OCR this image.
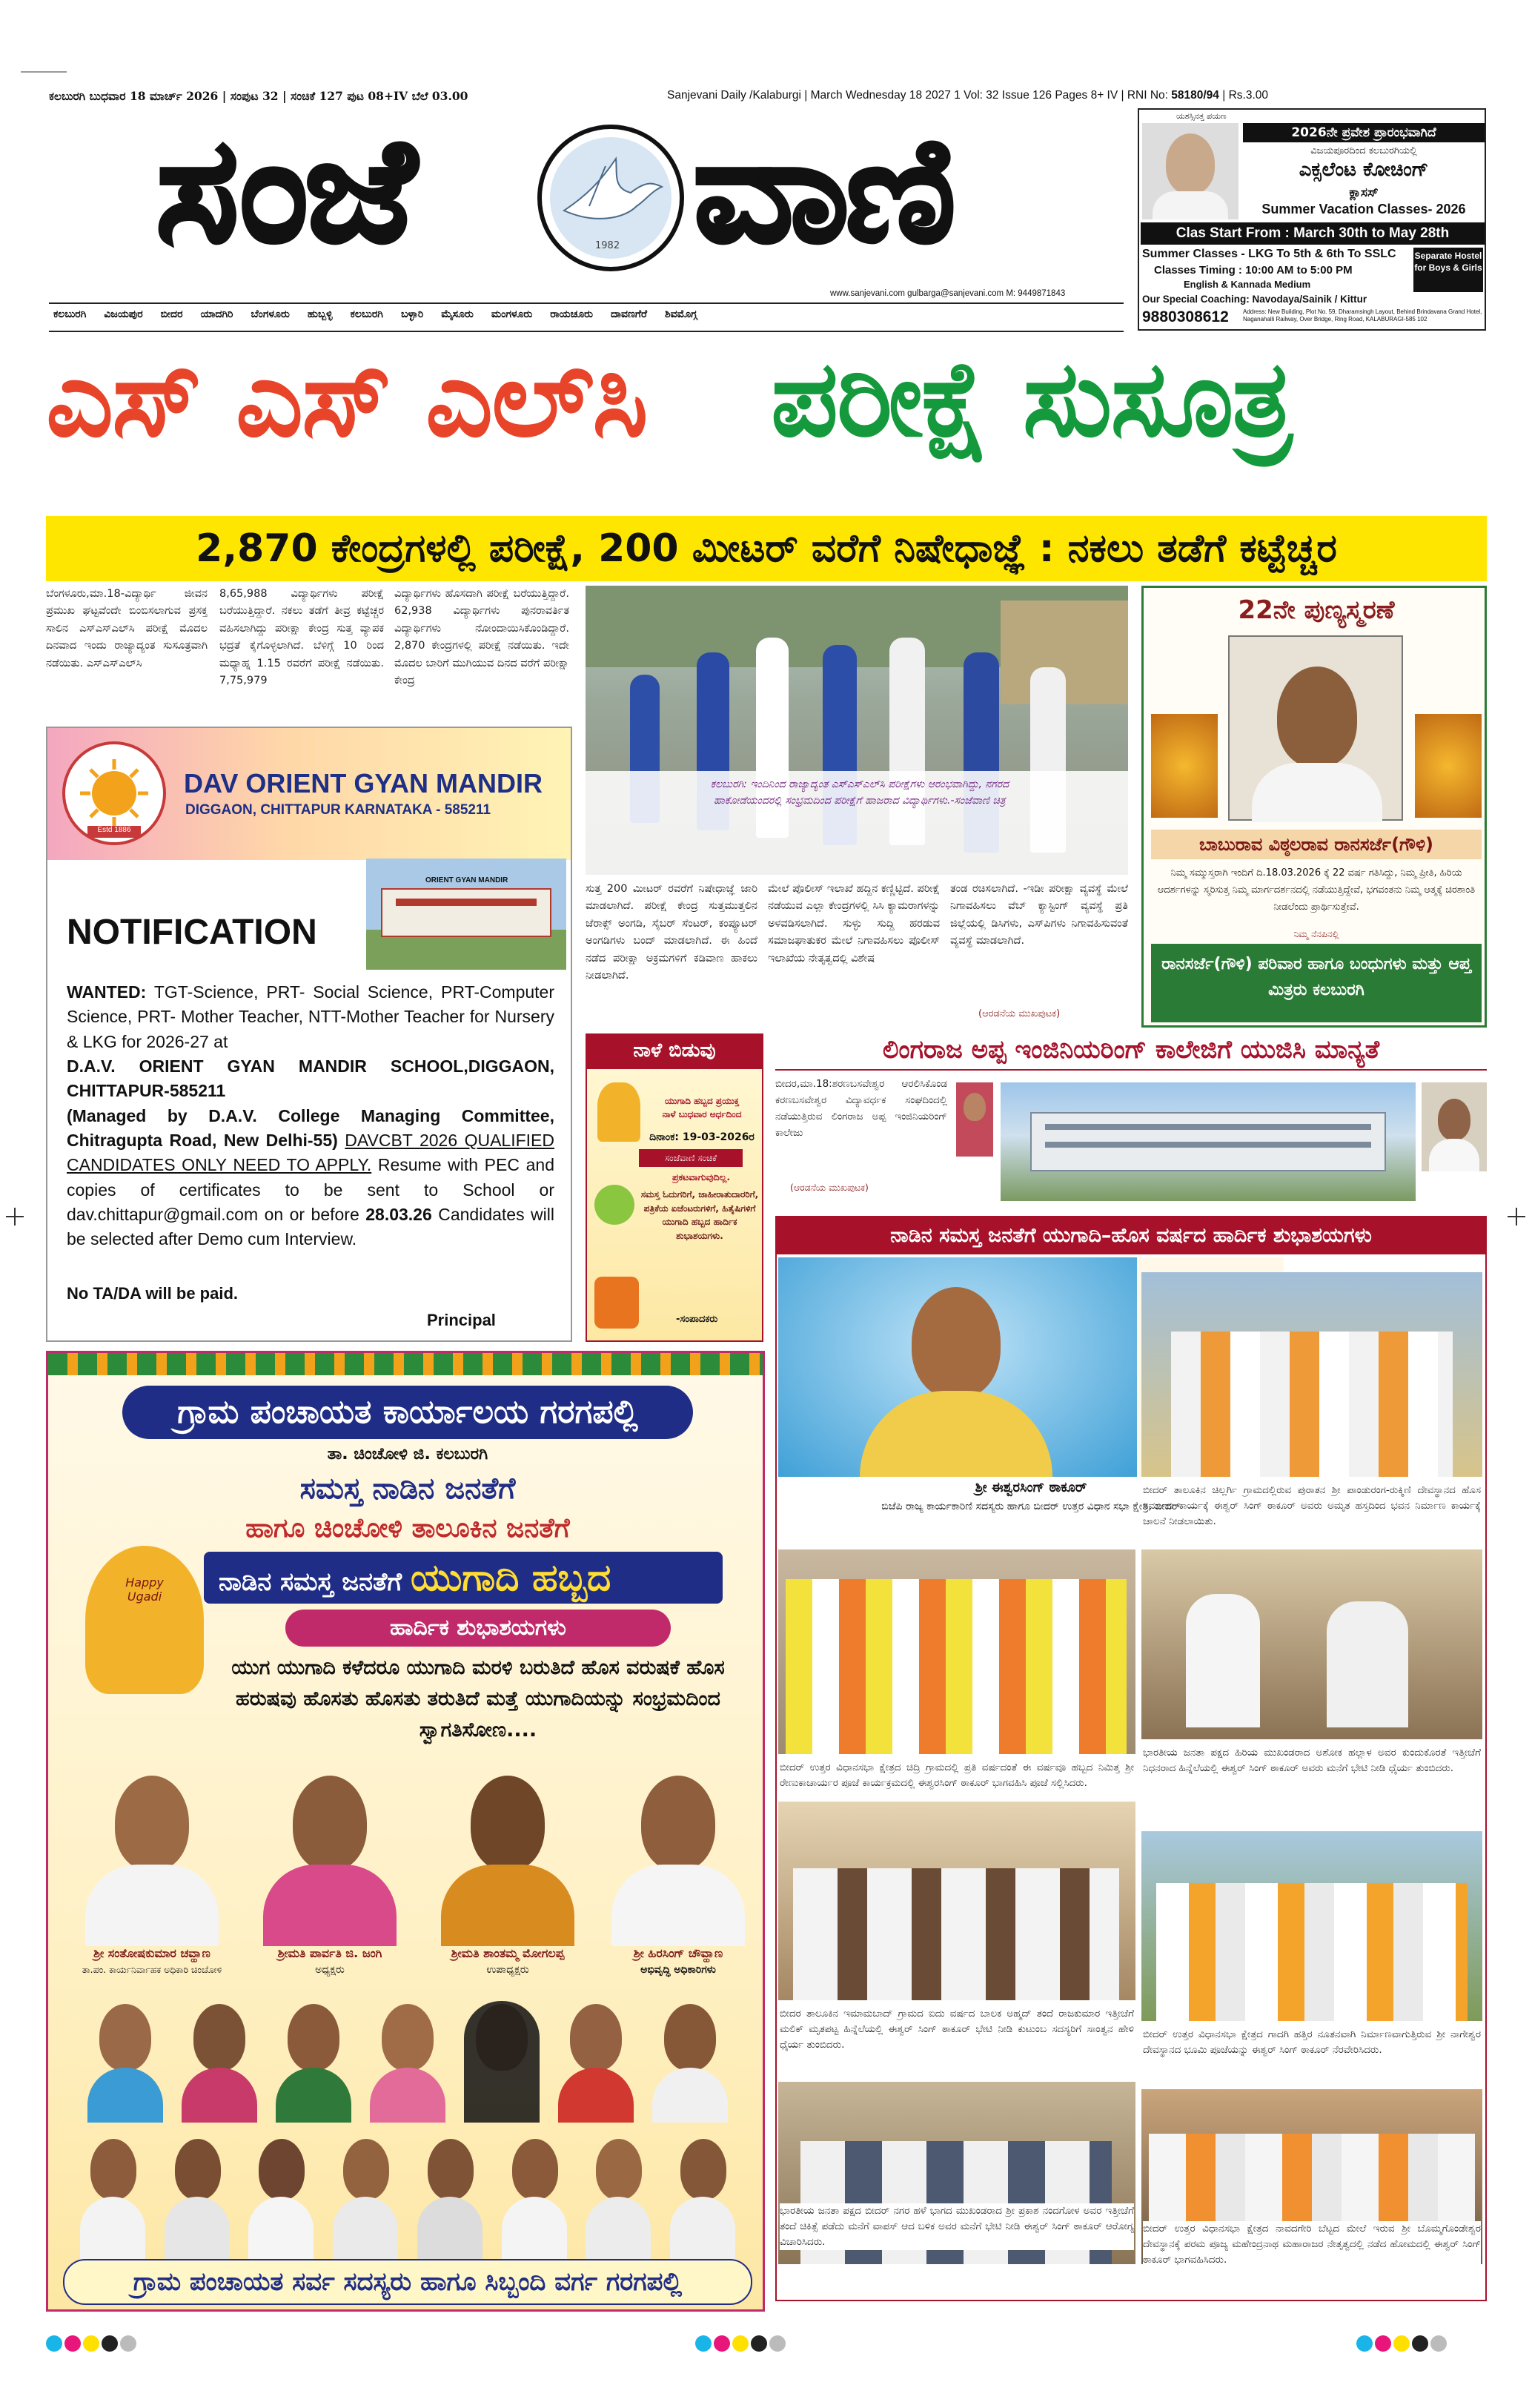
ಕಲಬುರಗಿ ಬುಧವಾರ 18 ಮಾರ್ಚ್ 2026 | ಸಂಪುಟ 32 | ಸಂಚಿಕೆ 127 ಪುಟ 08+IV ಬೆಲೆ 03.00	Sanjevani Daily /Kalaburgi | March Wednesday 18 2027 1 Vol: 32 Issue 126 Pages 8+ IV | RNI No: 58180/94 | Rs.3.00
ಸಂಜೆ	1982 ವಾಣಿ
www.sanjevani.com gulbarga@sanjevani.com M: 9449871843
ಕಲಬುರಗಿ ವಿಜಯಪುರ ಬೀದರ ಯಾದಗಿರಿ ಬೆಂಗಳೂರು ಹುಬ್ಬಳ್ಳಿ ಕಲಬುರಗಿ ಬಳ್ಳಾರಿ ಮೈಸೂರು ಮಂಗಳೂರು ರಾಯಚೂರು ದಾವಣಗೆರೆ ಶಿವಮೊಗ್ಗ
ಯಶಸ್ಸಿನತ್ತ ಪಯಣ
2026ನೇ ಪ್ರವೇಶ ಪ್ರಾರಂಭವಾಗಿದೆ
ವಿಜಯಪೂರದಿಂದ ಕಲಬುರಗಿಯಲ್ಲಿ
ಎಕ್ಸಲೆಂಟ ಕೋಚಿಂಗ್
ಕ್ಲಾಸಸ್
Summer Vacation Classes- 2026
Clas Start From : March 30th to May 28th
Summer Classes - LKG To 5th & 6th To SSLC
Classes Timing : 10:00 AM to 5:00 PM
English & Kannada Medium
Separate Hostel for Boys & Girls
Our Special Coaching: Navodaya/Sainik / Kittur
9880308612 Address: New Building, Plot No. 59, Dharamsingh Layout, Behind Brindavana Grand Hotel, Naganahalli Railway, Over Bridge, Ring Road, KALABURAGI-585 102
ಎಸ್ ಎಸ್ ಎಲ್‌ಸಿ ಪರೀಕ್ಷೆ ಸುಸೂತ್ರ
2,870 ಕೇಂದ್ರಗಳಲ್ಲಿ ಪರೀಕ್ಷೆ, 200 ಮೀಟರ್ ವರೆಗೆ ನಿಷೇಧಾಜ್ಞೆ : ನಕಲು ತಡೆಗೆ ಕಟ್ಟೆಚ್ಚರ
ಬೆಂಗಳೂರು,ಮಾ.18-ವಿದ್ಯಾರ್ಥಿ ಜೀವನ ಪ್ರಮುಖ ಘಟ್ಟವೆಂದೇ ಬಿಂಬಿಸಲಾಗುವ ಪ್ರಸಕ್ತ ಸಾಲಿನ ಎಸ್‌ಎಸ್‌ಎಲ್‌ಸಿ ಪರೀಕ್ಷೆ ಮೊದಲ ದಿನವಾದ ಇಂದು ರಾಜ್ಯಾದ್ಯಂತ ಸುಸೂತ್ರವಾಗಿ ನಡೆಯಿತು. ಎಸ್‌ಎಸ್‌ಎಲ್‌ಸಿ
8,65,988 ವಿದ್ಯಾರ್ಥಿಗಳು ಪರೀಕ್ಷೆ ಬರೆಯುತ್ತಿದ್ದಾರೆ. ನಕಲು ತಡೆಗೆ ತೀವ್ರ ಕಟ್ಟೆಚ್ಚರ ವಹಿಸಲಾಗಿದ್ದು ಪರೀಕ್ಷಾ ಕೇಂದ್ರ ಸುತ್ತ ವ್ಯಾಪಕ ಭದ್ರತೆ ಕೈಗೊಳ್ಳಲಾಗಿದೆ. ಬೆಳಿಗ್ಗೆ 10 ರಿಂದ ಮಧ್ಯಾಹ್ನ 1.15 ರವರೆಗೆ ಪರೀಕ್ಷೆ ನಡೆಯಿತು. 7,75,979
ವಿದ್ಯಾರ್ಥಿಗಳು ಹೊಸದಾಗಿ ಪರೀಕ್ಷೆ ಬರೆಯುತ್ತಿದ್ದಾರೆ. 62,938 ವಿದ್ಯಾರ್ಥಿಗಳು ಪುನರಾವರ್ತಿತ ವಿದ್ಯಾರ್ಥಿಗಳು ನೋಂದಾಯಿಸಿಕೊಂಡಿದ್ದಾರೆ. 2,870 ಕೇಂದ್ರಗಳಲ್ಲಿ ಪರೀಕ್ಷೆ ನಡೆಯಿತು. ಇದೇ ಮೊದಲ ಬಾರಿಗೆ ಮುಗಿಯುವ ದಿನದ ವರೆಗೆ ಪರೀಕ್ಷಾ ಕೇಂದ್ರ
ಕಲಬುರಗಿ: ಇಂದಿನಿಂದ ರಾಜ್ಯಾದ್ಯಂತ ಎಸ್‌ಎಸ್‌ಎಲ್‌ಸಿ ಪರೀಕ್ಷೆಗಳು ಆರಂಭವಾಗಿದ್ದು, ನಗರದ ಹಾಕೋಡೆಯಂದರಲ್ಲಿ ಸಂಭ್ರಮದಿಂದ ಪರೀಕ್ಷೆಗೆ ಹಾಜರಾದ ವಿದ್ಯಾರ್ಥಿಗಳು.-ಸಂಜೆವಾಣಿ ಚಿತ್ರ
ಸುತ್ತ 200 ಮೀಟರ್ ರವರೆಗೆ ನಿಷೇಧಾಜ್ಞೆ ಜಾರಿ ಮಾಡಲಾಗಿದೆ. ಪರೀಕ್ಷೆ ಕೇಂದ್ರ ಸುತ್ತಮುತ್ತಲಿನ ಜೆರಾಕ್ಸ್ ಅಂಗಡಿ, ಸೈಬರ್ ಸೆಂಟರ್, ಕಂಪ್ಯೂಟರ್ ಅಂಗಡಿಗಳು ಬಂದ್ ಮಾಡಲಾಗಿದೆ. ಈ ಹಿಂದೆ ನಡೆದ ಪರೀಕ್ಷಾ ಅಕ್ರಮಗಳಿಗೆ ಕಡಿವಾಣ ಹಾಕಲು ನೀಡಲಾಗಿದೆ.
ಮೇಲೆ ಪೊಲೀಸ್ ಇಲಾಖೆ ಹದ್ದಿನ ಕಣ್ಣಿಟ್ಟಿದೆ. ಪರೀಕ್ಷೆ ನಡೆಯುವ ಎಲ್ಲಾ ಕೇಂದ್ರಗಳಲ್ಲಿ ಸಿಸಿ ಕ್ಯಾಮರಾಗಳನ್ನು ಅಳವಡಿಸಲಾಗಿದೆ. ಸುಳ್ಳು ಸುದ್ದಿ ಹರಡುವ ಸಮಾಜಘಾತುಕರ ಮೇಲೆ ನಿಗಾವಹಿಸಲು ಪೊಲೀಸ್ ಇಲಾಖೆಯ ನೇತೃತ್ವದಲ್ಲಿ ವಿಶೇಷ
ತಂಡ ರಚಿಸಲಾಗಿದೆ. -ಇಡೀ ಪರೀಕ್ಷಾ ವ್ಯವಸ್ಥೆ ಮೇಲೆ ನಿಗಾವಹಿಸಲು ವೆಬ್ ಕ್ಯಾಸ್ಟಿಂಗ್ ವ್ಯವಸ್ಥೆ ಪ್ರತಿ ಜಿಲ್ಲೆಯಲ್ಲಿ ಡಿಸಿಗಳು, ಎಸ್‌ಪಿಗಳು ನಿಗಾವಹಿಸುವಂತೆ ವ್ಯವಸ್ಥೆ ಮಾಡಲಾಗಿದೆ.
(ಆರಡನೆಯ ಮುಖಪುಟಕ)
Estd 1886
DAV ORIENT GYAN MANDIR
DIGGAON, CHITTAPUR KARNATAKA - 585211
ORIENT GYAN MANDIR
NOTIFICATION
WANTED: TGT-Science, PRT- Social Science, PRT-Computer Science, PRT- Mother Teacher, NTT-Mother Teacher for Nursery & LKG for 2026-27 at
D.A.V. ORIENT GYAN MANDIR SCHOOL,DIGGAON, CHITTAPUR-585211
(Managed by D.A.V. College Managing Committee, Chitragupta Road, New Delhi-55) DAVCBT 2026 QUALIFIED CANDIDATES ONLY NEED TO APPLY. Resume with PEC and copies of certificates to be sent to School or dav.chittapur@gmail.com on or before 28.03.26 Candidates will be selected after Demo cum Interview.
No TA/DA will be paid.
Principal
ನಾಳೆ ಬಿಡುವು
ಯುಗಾದಿ ಹಬ್ಬದ ಪ್ರಯುಕ್ತ
ನಾಳೆ ಬುಧವಾರ ಅರ್ಧದಿಂದ
ದಿನಾಂಕ: 19-03-2026ರ
ಸಂಜೆವಾಣಿ ಸಂಚಿಕೆ
ಪ್ರಕಟವಾಗುವುದಿಲ್ಲ.
ಸಮಸ್ತ ಓದುಗರಿಗೆ, ಜಾಹೀರಾತುದಾರರಿಗೆ, ಪತ್ರಿಕೆಯ ಏಜೆಂಟರುಗಳಿಗೆ, ಹಿತೈಷಿಗಳಿಗೆ ಯುಗಾದಿ ಹಬ್ಬದ ಹಾರ್ದಿಕ ಶುಭಾಶಯಗಳು.
-ಸಂಪಾದಕರು
22ನೇ ಪುಣ್ಯಸ್ಮರಣೆ
ಬಾಬುರಾವ ವಿಠ್ಠಲರಾವ ರಾನಸರ್ಜೆ(ಗೌಳಿ)
ನಿಮ್ಮ ಸಮ್ಮುಸ್ತರಾಗಿ ಇಂದಿಗೆ ದಿ.18.03.2026 ಕ್ಕೆ 22 ವರ್ಷ ಗತಿಸಿದ್ದು, ನಿಮ್ಮ ಪ್ರೀತಿ, ಹಿರಿಯ ಆದರ್ಶಗಳನ್ನು ಸ್ಮರಿಸುತ್ತ ನಿಮ್ಮ ಮಾರ್ಗದರ್ಶನದಲ್ಲಿ ನಡೆಯುತ್ತಿದ್ದೇವೆ, ಭಗವಂತನು ನಿಮ್ಮ ಆತ್ಮಕ್ಕೆ ಚಿರಶಾಂತಿ ನೀಡಲೆಂದು ಪ್ರಾರ್ಥಿಸುತ್ತೇವೆ.
ನಿಮ್ಮ ನೆನಪಿನಲ್ಲಿ
ರಾನಸರ್ಜೆ(ಗೌಳಿ) ಪರಿವಾರ ಹಾಗೂ ಬಂಧುಗಳು ಮತ್ತು ಆಪ್ತ ಮಿತ್ರರು ಕಲಬುರಗಿ
ಲಿಂಗರಾಜ ಅಪ್ಪ ಇಂಜಿನಿಯರಿಂಗ್ ಕಾಲೇಜಿಗೆ ಯುಜಿಸಿ ಮಾನ್ಯತೆ
ಬೀದರ,ಮಾ.18:ಶರಣಬಸವೇಶ್ವರ ಆರಲಿಸಿಕೊಂಡ ಕರಣಬಸವೇಶ್ವರ ವಿದ್ಯಾವರ್ಧಕ ಸಂಘದಿಂದಲ್ಲಿ ನಡೆಯುತ್ತಿರುವ ಲಿಂಗರಾಜ ಅಪ್ಪ ಇಂಜಿನಿಯರಿಂಗ್ ಕಾಲೇಜು
(ಆರಡನೆಯ ಮುಖಪುಟಕ)
ನಾಡಿನ ಸಮಸ್ತ ಜನತೆಗೆ ಯುಗಾದಿ–ಹೊಸ ವರ್ಷದ ಹಾರ್ದಿಕ ಶುಭಾಶಯಗಳು
ಶ್ರೀ ಈಶ್ವರಸಿಂಗ್ ಠಾಕೂರ್
ಬಿಜೆಪಿ ರಾಜ್ಯ ಕಾರ್ಯಕಾರಿಣಿ ಸದಸ್ಯರು ಹಾಗೂ ಬೀದರ್ ಉತ್ತರ ವಿಧಾನ ಸಭಾ ಕ್ಷೇತ್ರ, ಬೀದರ್
ಬೀದರ್ ತಾಲೂಕಿನ ಚಿಲ್ಲರ್ಗಿ ಗ್ರಾಮದಲ್ಲಿರುವ ಪುರಾತನ ಶ್ರೀ ಪಾಂಡುರಂಗ-ರುಕ್ಮಿಣಿ ದೇವಸ್ಥಾನದ ಹೊಸ ನಿರ್ಮಾಣ ಕಾರ್ಯಕ್ಕೆ ಈಶ್ವರ್ ಸಿಂಗ್ ಠಾಕೂರ್ ಅವರು ಅಮೃತ ಹಸ್ತದಿಂದ ಭವನ ನಿರ್ಮಾಣ ಕಾರ್ಯಕ್ಕೆ ಚಾಲನೆ ನೀಡಲಾಯಿತು.
ಬೀದರ್ ಉತ್ತರ ವಿಧಾನಸಭಾ ಕ್ಷೇತ್ರದ ಚಿದ್ರಿ ಗ್ರಾಮದಲ್ಲಿ ಪ್ರತಿ ವರ್ಷದಂತೆ ಈ ವರ್ಷವೂ ಹಬ್ಬದ ನಿಮಿತ್ತ ಶ್ರೀ ರೇಣುಕಾಚಾರ್ಯರ ಪೂಜೆ ಕಾರ್ಯಕ್ರಮದಲ್ಲಿ ಈಶ್ವರಸಿಂಗ್ ಠಾಕೂರ್ ಭಾಗವಹಿಸಿ ಪೂಜೆ ಸಲ್ಲಿಸಿದರು.
ಭಾರತೀಯ ಜನತಾ ಪಕ್ಷದ ಹಿರಿಯ ಮುಖಂಡರಾದ ಅಶೋಕ ಹಲ್ಲಾಳ ಅವರ ಕುಂದುಕೊರತೆ ಇತ್ತೀಚೆಗೆ ನಿಧನರಾದ ಹಿನ್ನೆಲೆಯಲ್ಲಿ ಈಶ್ವರ್ ಸಿಂಗ್ ಠಾಕೂರ್ ಅವರು ಮನೆಗೆ ಭೇಟಿ ನೀಡಿ ಧೈರ್ಯ ತುಂಬಿದರು.
ಬೀದರ ತಾಲೂಕಿನ ಇಮಾಮಬಾದ್ ಗ್ರಾಮದ ಐದು ವರ್ಷದ ಬಾಲಕ ಅಹ್ಮದ್ ತಂದೆ ರಾಜಕುಮಾರ ಇತ್ತೀಚೆಗೆ ಮಲಿಕ್ ಮೃತಪಟ್ಟ ಹಿನ್ನೆಲೆಯಲ್ಲಿ ಈಶ್ವರ್ ಸಿಂಗ್ ಠಾಕೂರ್ ಭೇಟಿ ನೀಡಿ ಕುಟುಂಬ ಸದಸ್ಯರಿಗೆ ಸಾಂತ್ವನ ಹೇಳಿ ಧೈರ್ಯ ತುಂಬಿದರು.
ಬೀದರ್ ಉತ್ತರ ವಿಧಾನಸಭಾ ಕ್ಷೇತ್ರದ ಗಾದಗಿ ಹತ್ತಿರ ನೂತನವಾಗಿ ನಿರ್ಮಾಣವಾಗುತ್ತಿರುವ ಶ್ರೀ ನಾಗೇಶ್ವರ ದೇವಸ್ಥಾನದ ಭೂಮಿ ಪೂಜೆಯನ್ನು ಈಶ್ವರ್ ಸಿಂಗ್ ಠಾಕೂರ್ ನೆರವೇರಿಸಿದರು.
ಭಾರತೀಯ ಜನತಾ ಪಕ್ಷದ ಬೀದರ್ ನಗರ ಹಳೆ ಭಾಗದ ಮುಖಂಡರಾದ ಶ್ರೀ ಪ್ರಕಾಶ ನಂದಗೋಳ ಅವರ ಇತ್ತೀಚೆಗೆ ತಂದೆ ಚಿಕಿತ್ಸೆ ಪಡೆದು ಮನೆಗೆ ವಾಪಸ್ ಆದ ಬಳಿಕ ಅವರ ಮನೆಗೆ ಭೇಟಿ ನೀಡಿ ಈಶ್ವರ್ ಸಿಂಗ್ ಠಾಕೂರ್ ಆರೋಗ್ಯ ವಿಚಾರಿಸಿದರು.
ಬೀದರ್ ಉತ್ತರ ವಿಧಾನಸಭಾ ಕ್ಷೇತ್ರದ ನಾವದಗೇರಿ ಬೆಟ್ಟದ ಮೇಲೆ ಇರುವ ಶ್ರೀ ಬೊಮ್ಮಗೊಂಡೇಶ್ವರ ದೇವಸ್ಥಾನಕ್ಕೆ ಪರಮ ಪೂಜ್ಯ ಮಹೇಂದ್ರನಾಥ ಮಹಾರಾಜರ ನೇತೃತ್ವದಲ್ಲಿ ನಡೆದ ಹೋಮದಲ್ಲಿ ಈಶ್ವರ್ ಸಿಂಗ್ ಠಾಕೂರ್ ಭಾಗವಹಿಸಿದರು.
ಗ್ರಾಮ ಪಂಚಾಯತ ಕಾರ್ಯಾಲಯ ಗರಗಪಲ್ಲಿ
ತಾ. ಚಿಂಚೋಳಿ ಜಿ. ಕಲಬುರಗಿ
ಸಮಸ್ತ ನಾಡಿನ ಜನತೆಗೆ
ಹಾಗೂ ಚಿಂಚೋಳಿ ತಾಲೂಕಿನ ಜನತೆಗೆ
ನಾಡಿನ ಸಮಸ್ತ ಜನತೆಗೆ ಯುಗಾದಿ ಹಬ್ಬದ
ಹಾರ್ದಿಕ ಶುಭಾಶಯಗಳು
Happy Ugadi
ಯುಗ ಯುಗಾದಿ ಕಳೆದರೂ ಯುಗಾದಿ ಮರಳಿ ಬರುತಿದೆ ಹೊಸ ವರುಷಕೆ ಹೊಸ ಹರುಷವು ಹೊಸತು ಹೊಸತು ತರುತಿದೆ ಮತ್ತೆ ಯುಗಾದಿಯನ್ನು ಸಂಭ್ರಮದಿಂದ ಸ್ವಾಗತಿಸೋಣ....
ಶ್ರೀ ಸಂತೋಷಕುಮಾರ ಚವ್ಹಾಣ
ತಾ.ಪಂ. ಕಾರ್ಯನಿರ್ವಾಹಕ ಅಧಿಕಾರಿ ಚಿಂಚೋಳಿ
ಶ್ರೀಮತಿ ಪಾರ್ವತಿ ಜಿ. ಜಂಗಿ
ಅಧ್ಯಕ್ಷರು
ಶ್ರೀಮತಿ ಶಾಂತಮ್ಮ ಮೋಗಲಪ್ಪ
ಉಪಾಧ್ಯಕ್ಷರು
ಶ್ರೀ ಹಿರಸಿಂಗ್ ಚೌವ್ಹಾಣ
ಅಭಿವೃದ್ಧಿ ಅಧಿಕಾರಿಗಳು
ಗ್ರಾಮ ಪಂಚಾಯತ ಸರ್ವ ಸದಸ್ಯರು ಹಾಗೂ ಸಿಬ್ಬಂದಿ ವರ್ಗ ಗರಗಪಲ್ಲಿ
